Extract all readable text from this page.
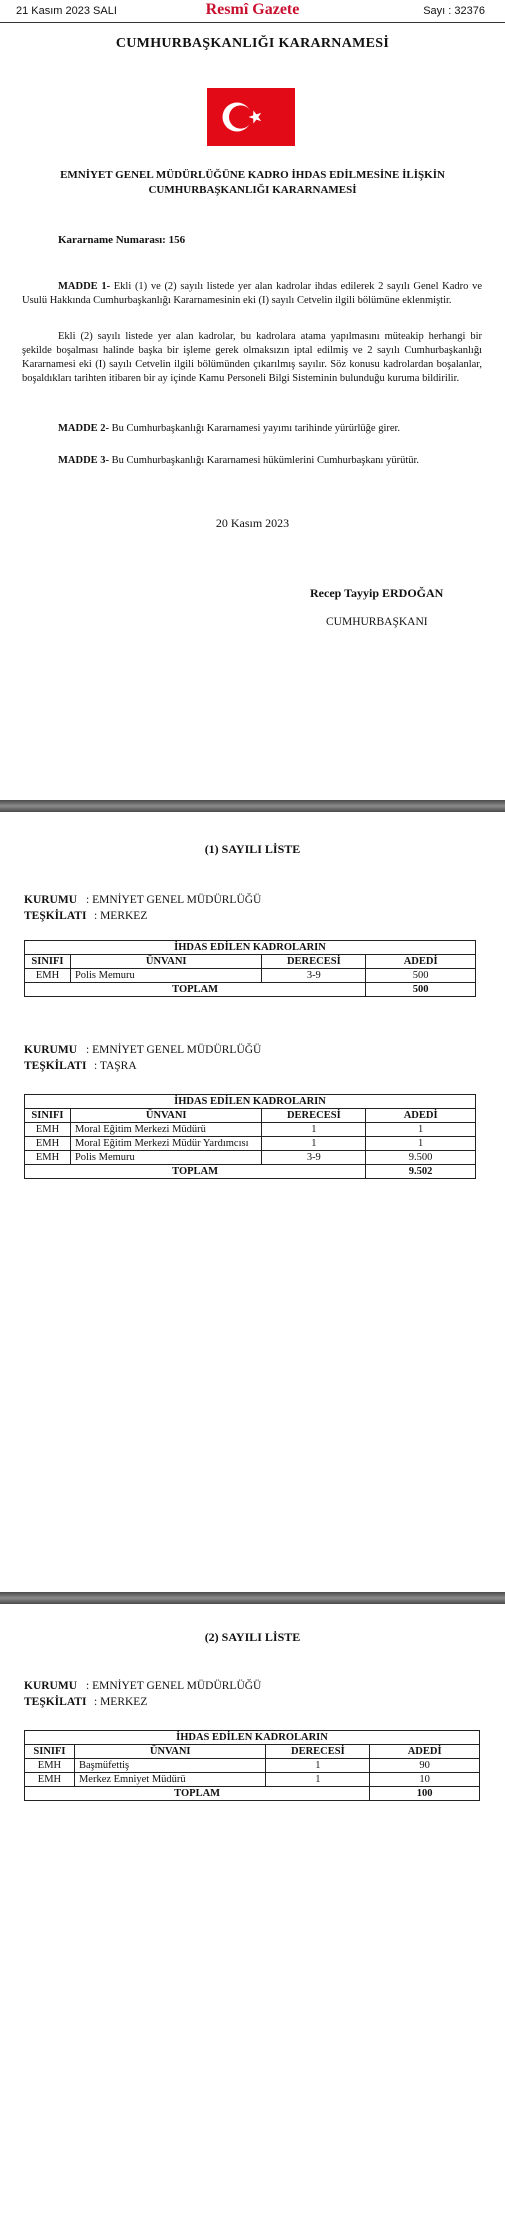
21 Kasım 2023 SALI	Resmî Gazete	Sayı : 32376
CUMHURBAŞKANLIĞI KARARNAMESİ
EMNİYET GENEL MÜDÜRLÜĞÜNE KADRO İHDAS EDİLMESİNE İLİŞKİN CUMHURBAŞKANLIĞI KARARNAMESİ
Kararname Numarası: 156

MADDE 1- Ekli (1) ve (2) sayılı listede yer alan kadrolar ihdas edilerek 2 sayılı Genel Kadro ve Usulü Hakkında Cumhurbaşkanlığı Kararnamesinin eki (I) sayılı Cetvelin ilgili bölümüne eklenmiştir.

Ekli (2) sayılı listede yer alan kadrolar, bu kadrolara atama yapılmasını müteakip herhangi bir şekilde boşalması halinde başka bir işleme gerek olmaksızın iptal edilmiş ve 2 sayılı Cumhurbaşkanlığı Kararnamesi eki (I) sayılı Cetvelin ilgili bölümünden çıkarılmış sayılır. Söz konusu kadrolardan boşalanlar, boşaldıkları tarihten itibaren bir ay içinde Kamu Personeli Bilgi Sisteminin bulunduğu kuruma bildirilir.

MADDE 2- Bu Cumhurbaşkanlığı Kararnamesi yayımı tarihinde yürürlüğe girer.

MADDE 3- Bu Cumhurbaşkanlığı Kararnamesi hükümlerini Cumhurbaşkanı yürütür.

20 Kasım 2023
Recep Tayyip ERDOĞAN
CUMHURBAŞKANI
(1) SAYILI LİSTE
KURUMU : EMNİYET GENEL MÜDÜRLÜĞÜ
TEŞKİLATI : MERKEZ
İHDAS EDİLEN KADROLARIN			
SINIFI	ÜNVANI	DERECESİ	ADEDİ
EMH	Polis Memuru	3-9	500
TOPLAM			500
KURUMU : EMNİYET GENEL MÜDÜRLÜĞÜ
TEŞKİLATI : TAŞRA
İHDAS EDİLEN KADROLARIN			
SINIFI	ÜNVANI	DERECESİ	ADEDİ
EMH	Moral Eğitim Merkezi Müdürü	1	1
EMH	Moral Eğitim Merkezi Müdür Yardımcısı	1	1
EMH	Polis Memuru	3-9	9.500
TOPLAM			9.502
(2) SAYILI LİSTE
KURUMU : EMNİYET GENEL MÜDÜRLÜĞÜ
TEŞKİLATI : MERKEZ
İHDAS EDİLEN KADROLARIN			
SINIFI	ÜNVANI	DERECESİ	ADEDİ
EMH	Başmüfettiş	1	90
EMH	Merkez Emniyet Müdürü	1	10
TOPLAM			100
